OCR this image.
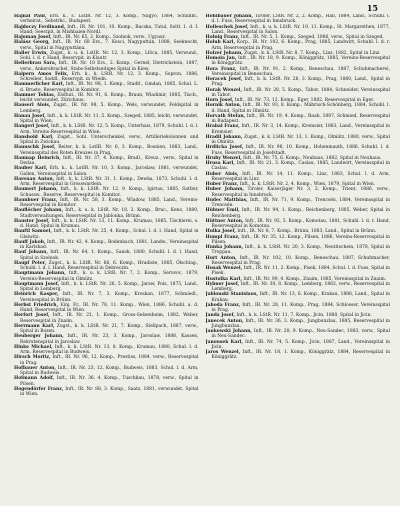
15

Hajnal Paul, Erh. k., s. LstIR. Nr. 12, 3. Komp., Nagyo, 1884, Schuhm., verheirat., Sebstrkc., Budapest.

Hajdoczy Ferdinand, Inft., IR. Nr. 101, 10. Komp., Bacska, Tutul, Soltl. 1. d. I. Hand; Seestpit. in Mishbaien-Nordl.

Hajoman Josef, Inft., IR. Nr. 65, 2. Komp., Szolnok, verw., Ugyaur.

Halász Georg, Inft., IR. Nr. 68 Ers., 7. Kesci, Nagyputtán, 1888, Seeknecht, verw., Spital in Nagyputtána.

Haller Erwin, Zugst., k. u. k. LstIR. Nr. 12, 3. Komp., Lföca, 1885, Verwund., Sohl. l. d. r. Hand, Reservpit. in Klautr.

Hellerbrau Sara, Inft., IR. Nr. 18 Ers., 2. Komp., Gernel, Dietrichstein, 1887, verw., Ankersbrachel, Stabs-Selbstseitiges Spital in Kiew.

Halpern Amos Felix, Erh. k., k. LStR. Nr. 12, 3. Komp., Sopron, 1886, Schreiber, Soddl., Reservpit. in Wiedn.

Hammerlicher Karl, Inft., IR. Nr. 98, 1. Komp., Stadtl., Gmdan, 1885, Schul. L. d. Bruste, Reservespital in Komitor.

Hammer Tobias, Elsfluit., IR. Nr. 91, 6. Komp., Braun, Wladimir, 1885, Tisch., leicht verwundet, Zürichaus.

Hauserl Alois, Zugst., IR. Nr. 98, 5. Komp., Wels, verwundet, Feldspital in Lemberg.

Hanau Josef, Inft., k. k. LStR. Nr. 11, 5. Komp., Szeged, 1885, leicht, verwundet, Spital in Wien.

Hangerl Josef, Inft., k. k. LStR. Nr. 12, 5. Komp., Unterhais, 1879, Schuhl. l. d. l. Arm, Vereins-Reservespital in Wien.

Hanshold Karl, Zugst., Sohl. Unterschenkel, verw., Artilleriekolonnen und Spital in Zwickau.

Hanuschk Josef, Reiter, k. k. LstIR. Nr. 6, 3. Komp., Bosnien, 1883, Land., Vereinsspital des Roten Kreuzes in Prag.

Hamnap Heinrich, Inft., IR. Nr. 37, 4. Komp., Bradl., Kreuz., verw., Spital in Dedau.

Hauber Karl, Erh. k., k. LstIR. Nr. 10, 3. Komp., Jaroslaw, 1881, verwundet, Gallen, Vereinsspital in Salon.

Harenau Anton, Inft., k. k. LStR. Nr. 31, 1. Komp., Dewka, 1873, Schuhl. l. d. Arm, Reservespital in Grosswardein.

Haumerl Johann, Inft., k. k. LStR. Nr. 12, 9. Komp., Igirtau, 1885, Sattler, Schussw., Reserve, Reservespital in Komitor.

Haunbuer Franz, Inft., IR. Nr. 58, 3. Komp., Wladow, 1885, Land., Vereins-Reservespital in Komitor.

Hauflöcher Johann, Inft., k. u. k. LStR. Nr. 18, 3. Komp., Bruc., Keno, 1880, Stadtverwaltungen, Reservespital in Jablonka, Brünn.

Hauster Josef, Inft., k. k. LStR. Nr. 13, 11. Komp., Krumau, 1885, Tischlerei, s. d. Hand, Spital in Krumau.

Hanftl Samuel, Inft., k. k. LStR. Nr. 25, 4. Komp., Schul. l. d. l. Hand, Spital in Gleiwitz.

Hauff Jakob, Inft., IR. Nr. 42, 4. Komp., Bodenbach, 1881, Landw., Vereinsspital in Karlsbad.

Hauf Johann, Inft., IR. Nr. 64, 1. Komp., Sanok, 1880, Schuhl. l. d. l. Hand, Spital in Szolnok.

Haupf Peter, Zugst., k. k. LStR. Nr. 66, 6. Komp., Hradiste, 1885, Ölschlag., Schuhl. l. d. l. Hand, Reservespital in Debreczin.

Hauptmann Johann, Inft., k. u. k. LStR. Nr. 7, 2. Komp., Seruvoc, 1879, Vereins-Reservespital in Olmütz.

Hauptmann Josef, Inft., k. k. LStR. Nr. 26, 5. Komp., Jaraw, Pols, 1875, Land., Spital in Lemberg.

Heinrich Kasper, Inft., IR. Nr. 7, 3. Komp., Kroskan, 1877, Schmiedl., Vereinsspital in Brünn.

Herbst Friedrich, Einj. Fr., IR. Nr. 78, 11. Komp., Wien, 1886, Schuhl. a. d. Hand, Reservespital in Wien.

Herfort Josef, Inft., IR. Nr. 21, 1. Komp., Gross-Selzenheim, 1882, Weber, Reservespital in Znaim.

Herrmann Karl, Zugst., k. k. LStR. Nr. 21, 7. Komp., Stellpach, 1887, verw., Spital in Bozen.

Heuberger Johann, Inft., IR. Nr. 23, 3. Komp., Jaroslaw, 1888, Kassen, Rekrutenspital in Jaroslaw.

Hinke Michael, Inft., k. k. LStR. Nr. 13, 8. Komp., Krumau, 1880, Schul. l. d. Arm, Reservespital in Budweis.

Hirsch Moritz, Inft., IR. Nr. 96, 12. Komp., Prestiss, 1884, verw., Reservespital in Prag.

Hofbauer Anton, Inft., IR. Nr. 23, 12. Komp., Budweis, 1883, Schul. l. d. Arm, Spital in Budweis.

Hofmann Adolf, Inft., IR. Nr. 36, 4. Komp., Tuschkau, 1878, verw., Spital in Pilsen.

Hogendörfer Franz, Inft., IR. Nr. 88, 3. Komp., Saatz, 1881, verwundet, Spital in Wien.

Hohlbauer Johann, Tiroler, LStR. Nr. 2, 2. Komp., Hall, 1884, Land., Schuhl. l. d. l. Fuss, Reservespital in Innsbruck.

Holleschek Josef, Inft., k. u. k. LStR. Nr. 19, 11. Komp., St. Margarethen, 1877, Land., Reservespital in Salon.

Holnig Franz, Inft., IR. Nr. 5, 1. Komp., Szeged, 1886, verw., Spital in Szeged.

Holub Karl, Korp., IR. Nr. 102, 6. Komp., Prag, 1885, Landwirt, Schuhl. l. d. r. Arm, Reservespital in Prag.

Holzer Johann, Zugst., k. k. LStR. Nr. 8, 7. Komp., Linz, 1882, Spital in Linz.

Homola Jan, Inft., IR. Nr. 18, 9. Komp., Königgrätz, 1885, Vereins-Reservespital in Königgrätz.

Hora Franz, Inft., IR. Nr. 91, 2. Komp., Beneschau, 1887, Schuhmacherei, Vereinsspital in Beneschau.

Horacek Josef, Inft., k. k. LStR. Nr. 28, 3. Komp., Prag, 1880, Land., Spital in Prag.

Horak Wenzel, Inft., IR. Nr. 28, 5. Komp., Tabor, 1884, Schneider, Vereinsspital in Tabor.

Horn Josef, Inft., IR. Nr. 73, 12. Komp., Eger, 1882, Reservespital in Eger.

Hornik Anton, Inft., IR. Nr. 93, 8. Komp., Mährisch-Schönberg, 1884, Schuhl. l. d. Hand, Spital in Olmütz.

Horvath Stefan, Inft., IR. Nr. 19, 4. Komp., Raab, 1887, Schmied, Reservespital in Budapest.

Hrabal Franz, Inft., IR. Nr. 3, 14. Komp., Kremsier, 1883, Land., Vereinsspital in Kremsier.

Hradil Johann, Zugst., k. k. LStR. Nr. 13, 1. Komp., Olmütz, 1880, verw., Spital in Olmütz.

Hrdlicka Josef, Inft., IR. Nr. 98, 10. Komp., Hohenmauth, 1886, Schuhl. l. d. Fuss, Reservespital in Josefstadt.

Hruby Wenzel, Inft., IR. Nr. 75, 6. Komp., Neuhaus, 1882, Spital in Neuhaus.

Hrusa Karl, Inft., IR. Nr. 21, 3. Komp., Caslau, 1885, Landwirt, Vereinsspital in Caslau.

Huber Alois, Inft., IR. Nr. 14, 11. Komp., Linz, 1883, Schul. l. d. Arm, Reservespital in Linz.

Huber Franz, Inft., k. k. LStR. Nr. 2, 4. Komp., Wien, 1879, Spital in Wien.

Huber Johann, Tiroler, Kaiserjäger Nr. 3, 2. Komp., Trient, 1886, verw., Reservespital in Innsbruck.

Hudec Matthias, Inft., IR. Nr. 71, 9. Komp., Trencsén, 1884, Vereinsspital in Trencsén.

Hübner Emil, Inft., IR. Nr. 94, 1. Komp., Reichenberg, 1885, Weber, Spital in Reichenberg.

Hüttner Anton, Inft., IR. Nr. 92, 5. Komp., Komotau, 1881, Schuhl. l. d. r. Hand, Reservespital in Komotau.

Hulka Josef, Inft., IR. Nr. 8, 7. Komp., Brünn, 1883, Land., Spital in Brünn.

Humpl Franz, Inft., IR. Nr. 35, 12. Komp., Pilsen, 1886, Vereins-Reservespital in Pilsen.

Hunka Johann, Inft., k. k. LStR. Nr. 20, 3. Komp., Neutitschein, 1878, Spital in Troppau.

Hurt Anton, Inft., IR. Nr. 102, 10. Komp., Beneschau, 1887, Schuhmacher, Reservespital in Prag.

Husak Wenzel, Inft., IR. Nr. 11, 2. Komp., Pisek, 1884, Schul. l. d. Fuss, Spital in Pisek.

Hustolka Karl, Inft., IR. Nr. 99, 4. Komp., Znaim, 1885, Vereinsspital in Znaim.

Hybner Josef, Inft., IR. Nr. 30, 8. Komp., Lemberg, 1882, verw., Reservespital in Lemberg.

Jablonski Stanislaus, Inft., IR. Nr. 13, 6. Komp., Krakau, 1886, Land., Spital in Krakau.

Jahoda Franz, Inft., IR. Nr. 28, 11. Komp., Prag, 1884, Schlosser, Vereinsspital in Prag.

Janda Josef, Inft., k. k. LStR. Nr. 11, 7. Komp., Jicin, 1880, Spital in Jicin.

Janecek Anton, Inft., IR. Nr. 36, 3. Komp., Jungbunzlau, 1885, Reservespital in Jungbunzlau.

Jankowski Johann, Inft., IR. Nr. 20, 9. Komp., Neu-Sandec, 1883, verw., Spital in Neu-Sandec.

Janousek Karl, Inft., IR. Nr. 74, 5. Komp., Jicin, 1887, Land., Vereinsspital in Jicin.

Jaros Wenzel, Inft., IR. Nr. 18, 1. Komp., Königgrätz, 1884, Reservespital in Königgrätz.
